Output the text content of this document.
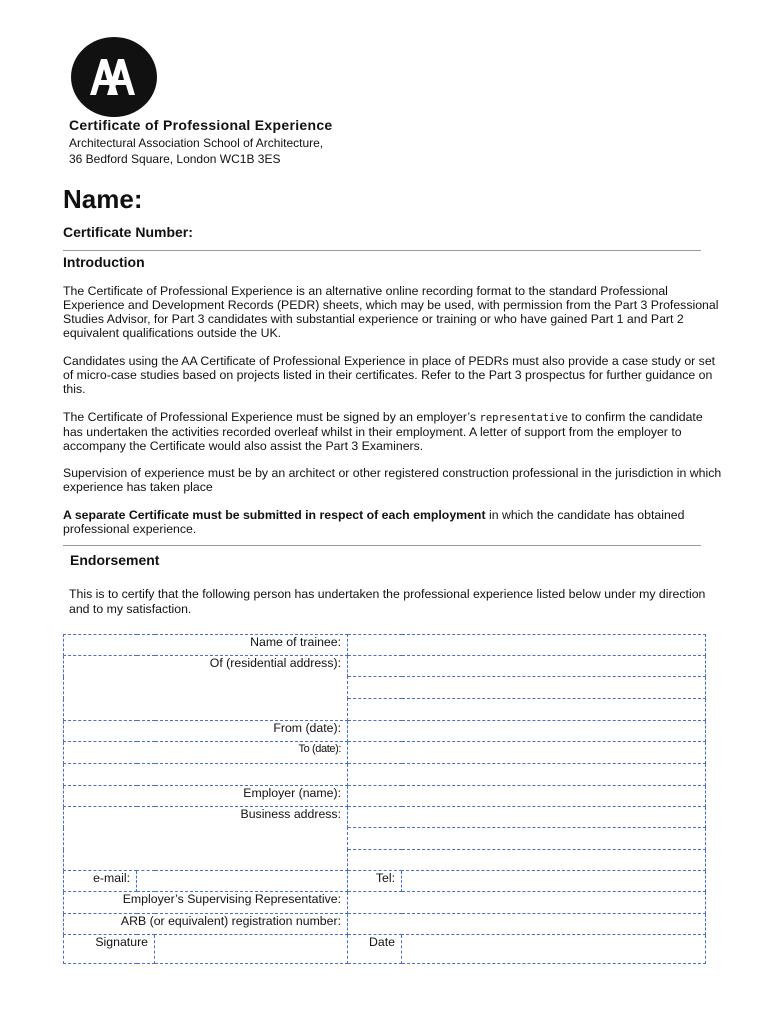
Certificate of Professional Experience
Architectural Association School of Architecture,
36 Bedford Square, London WC1B 3ES
Name:
Certificate Number:
Introduction
The Certificate of Professional Experience is an alternative online recording format to the standard Professional Experience and Development Records (PEDR) sheets, which may be used, with permission from the Part 3 Professional Studies Advisor, for Part 3 candidates with substantial experience or training or who have gained Part 1 and Part 2 equivalent qualifications outside the UK.
Candidates using the AA Certificate of Professional Experience in place of PEDRs must also provide a case study or set of micro-case studies based on projects listed in their certificates. Refer to the Part 3 prospectus for further guidance on this.
The Certificate of Professional Experience must be signed by an employer’s representative to confirm the candidate has undertaken the activities recorded overleaf whilst in their employment. A letter of support from the employer to accompany the Certificate would also assist the Part 3 Examiners.
Supervision of experience must be by an architect or other registered construction professional in the jurisdiction in which experience has taken place
A separate Certificate must be submitted in respect of each employment in which the candidate has obtained professional experience.
Endorsement
This is to certify that the following person has undertaken the professional experience listed below under my direction and to my satisfaction.
Name of trainee:				
Of (residential address):				

From (date):				
To (date):				

Employer (name):				
Business address:				

e-mail:			Tel:	
Employer’s Supervising Representative:				
ARB (or equivalent) registration number:				
Signature			Date	
